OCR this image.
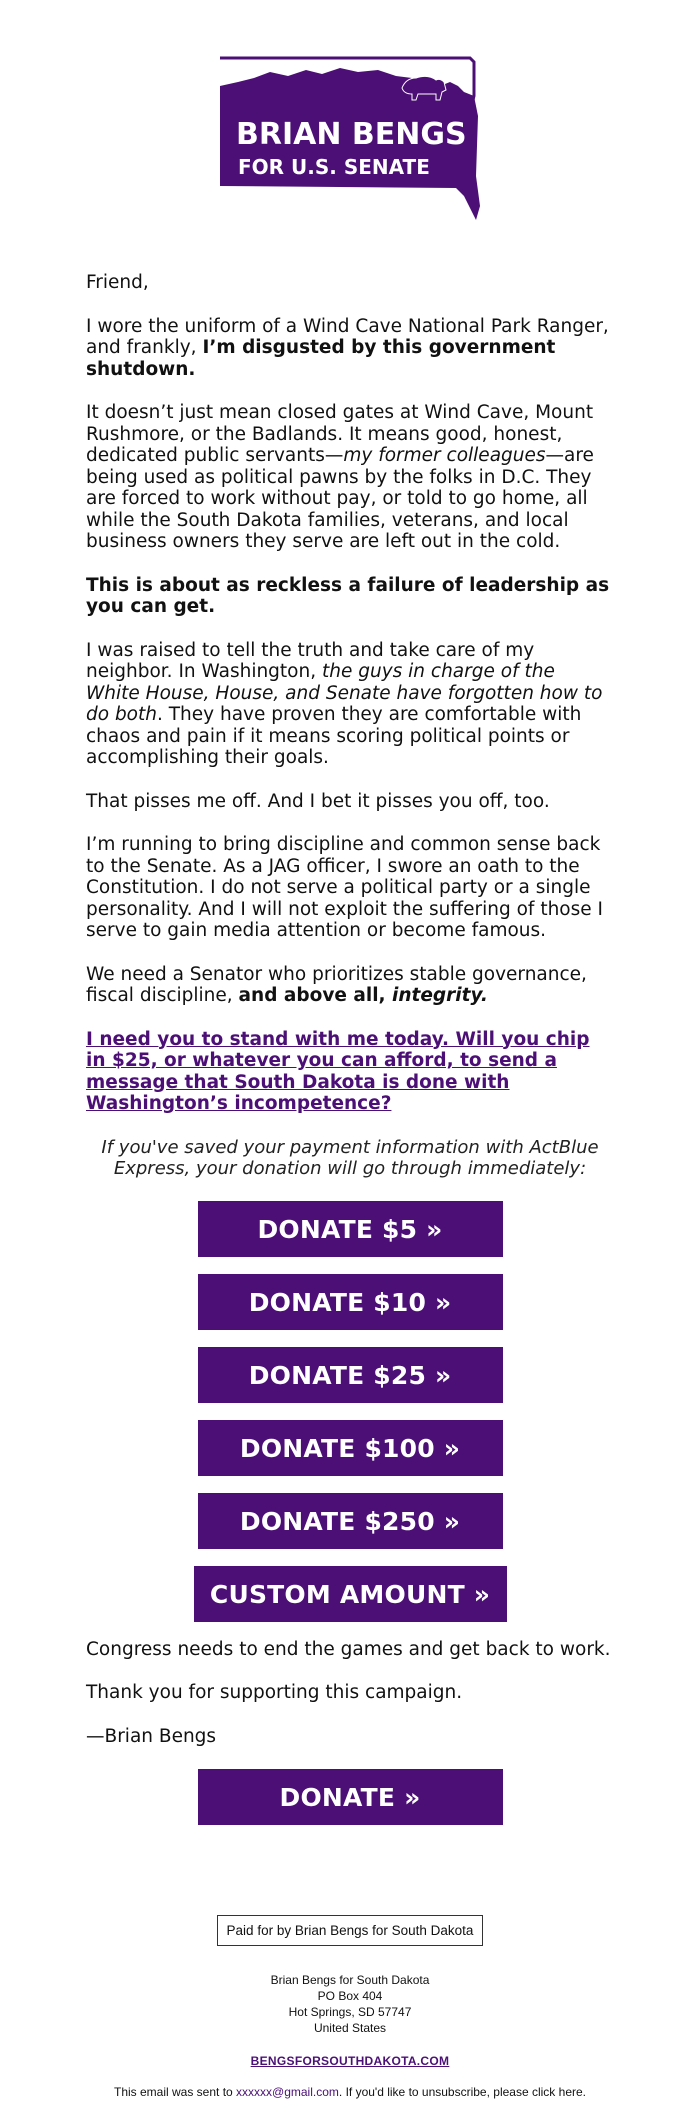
BRIAN BENGS
FOR U.S. SENATE

Friend,

I wore the uniform of a Wind Cave National Park Ranger, and frankly, I’m disgusted by this government shutdown.

It doesn’t just mean closed gates at Wind Cave, Mount Rushmore, or the Badlands. It means good, honest, dedicated public servants—my former colleagues—are being used as political pawns by the folks in D.C. They are forced to work without pay, or told to go home, all while the South Dakota families, veterans, and local business owners they serve are left out in the cold.

This is about as reckless a failure of leadership as you can get.

I was raised to tell the truth and take care of my neighbor. In Washington, the guys in charge of the White House, House, and Senate have forgotten how to do both. They have proven they are comfortable with chaos and pain if it means scoring political points or accomplishing their goals.

That pisses me off. And I bet it pisses you off, too.

I’m running to bring discipline and common sense back to the Senate. As a JAG officer, I swore an oath to the Constitution. I do not serve a political party or a single personality. And I will not exploit the suffering of those I serve to gain media attention or become famous.

We need a Senator who prioritizes stable governance, fiscal discipline, and above all, integrity.

I need you to stand with me today. Will you chip in $25, or whatever you can afford, to send a message that South Dakota is done with Washington’s incompetence?

If you've saved your payment information with ActBlue Express, your donation will go through immediately:

DONATE $5 »
DONATE $10 »
DONATE $25 »
DONATE $100 »
DONATE $250 »
CUSTOM AMOUNT »

Congress needs to end the games and get back to work.

Thank you for supporting this campaign.

—Brian Bengs

DONATE »
Paid for by Brian Bengs for South Dakota
Brian Bengs for South Dakota
PO Box 404
Hot Springs, SD 57747
United States
BENGSFORSOUTHDAKOTA.COM
This email was sent to xxxxxx@gmail.com. If you'd like to unsubscribe, please click here.
